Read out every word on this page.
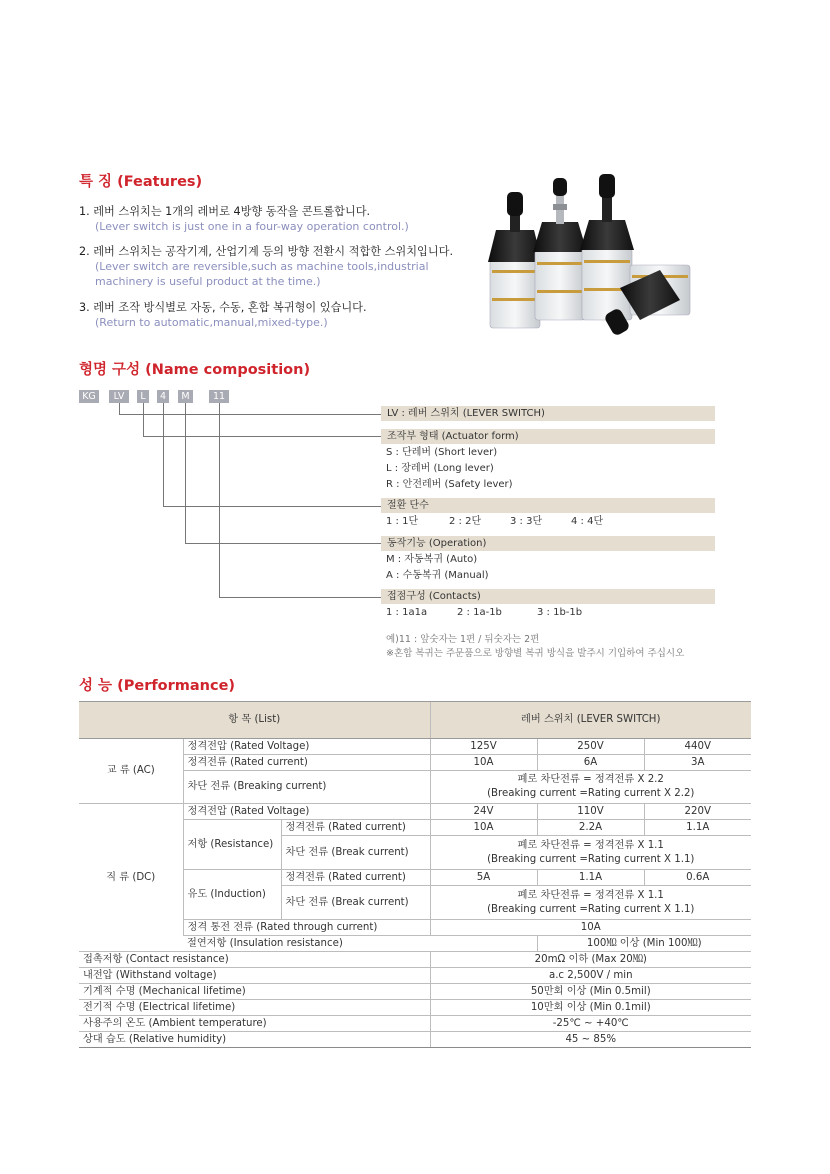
특 징 (Features)
1. 레버 스위치는 1개의 레버로 4방향 동작을 콘트롤합니다.
(Lever switch is just one in a four-way operation control.)
2. 레버 스위치는 공작기계, 산업기계 등의 방향 전환시 적합한 스위치입니다.
(Lever switch are reversible,such as machine tools,industrial
machinery is useful product at the time.)
3. 레버 조작 방식별로 자동, 수동, 혼합 복귀형이 있습니다.
(Return to automatic,manual,mixed-type.)
형명 구성 (Name composition)
KG	LV	L	4	M	11
LV : 레버 스위치 (LEVER SWITCH)
조작부 형태 (Actuator form)
S : 단레버 (Short lever)
L : 장레버 (Long lever)
R : 안전레버 (Safety lever)
절환 단수
1 : 1단	2 : 2단	3 : 3단	4 : 4단
동작기능 (Operation)
M : 자동복귀 (Auto)
A : 수동복귀 (Manual)
접점구성 (Contacts)
1 : 1a1a	2 : 1a-1b	3 : 1b-1b
예)11 : 앞숫자는 1편 / 뒤숫자는 2편
※혼합 복귀는 주문품으로 방향별 복귀 방식을 발주시 기입하여 주십시오
성 능 (Performance)
항 목 (List)			레버 스위치 (LEVER SWITCH)		
교 류 (AC)	정격전압 (Rated Voltage)		125V	250V	440V
	정격전류 (Rated current)		10A	6A	3A
	차단 전류 (Breaking current)		폐로 차단전류 = 정격전류 X 2.2
(Breaking current =Rating current X 2.2)		

직 류 (DC)	정격전압 (Rated Voltage)		24V	110V	220V
	저항 (Resistance)	정격전류 (Rated current)	10A	2.2A	1.1A
		차단 전류 (Break current)	폐로 차단전류 = 정격전류 X 1.1
(Breaking current =Rating current X 1.1)		

	유도 (Induction)	정격전류 (Rated current)	5A	1.1A	0.6A
		차단 전류 (Break current)	폐로 차단전류 = 정격전류 X 1.1
(Breaking current =Rating current X 1.1)		

	정격 통전 전류 (Rated through current)		10A		
	절연저항 (Insulation resistance)			100㏁ 이상 (Min 100㏁)	
접촉저항 (Contact resistance)			20mΩ 이하 (Max 20㏁)		
내전압 (Withstand voltage)			a.c 2,500V / min		
기계적 수명 (Mechanical lifetime)			50만회 이상 (Min 0.5mil)		
전기적 수명 (Electrical lifetime)			10만회 이상 (Min 0.1mil)		
사용주의 온도 (Ambient temperature)			-25℃ ~ +40℃		
상대 습도 (Relative humidity)			45 ~ 85%		
